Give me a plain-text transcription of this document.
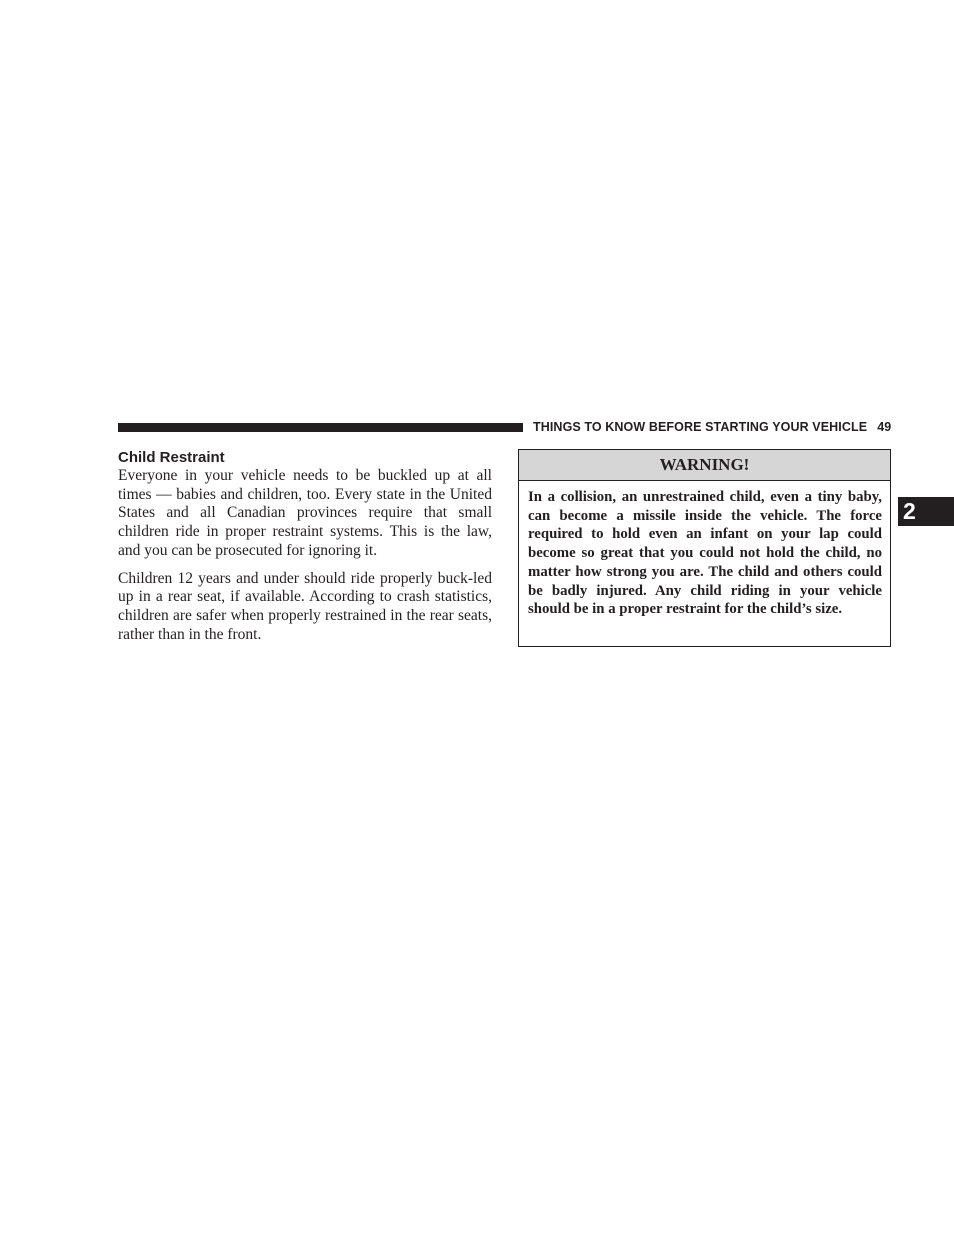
THINGS TO KNOW BEFORE STARTING YOUR VEHICLE 49
Child Restraint

Everyone in your vehicle needs to be buckled up at all times — babies and children, too. Every state in the United States and all Canadian provinces require that small children ride in proper restraint systems. This is the law, and you can be prosecuted for ignoring it.

Children 12 years and under should ride properly buck-led up in a rear seat, if available. According to crash statistics, children are safer when properly restrained in the rear seats, rather than in the front.

WARNING!
In a collision, an unrestrained child, even a tiny baby, can become a missile inside the vehicle. The force required to hold even an infant on your lap could become so great that you could not hold the child, no matter how strong you are. The child and others could be badly injured. Any child riding in your vehicle should be in a proper restraint for the child’s size.
2
